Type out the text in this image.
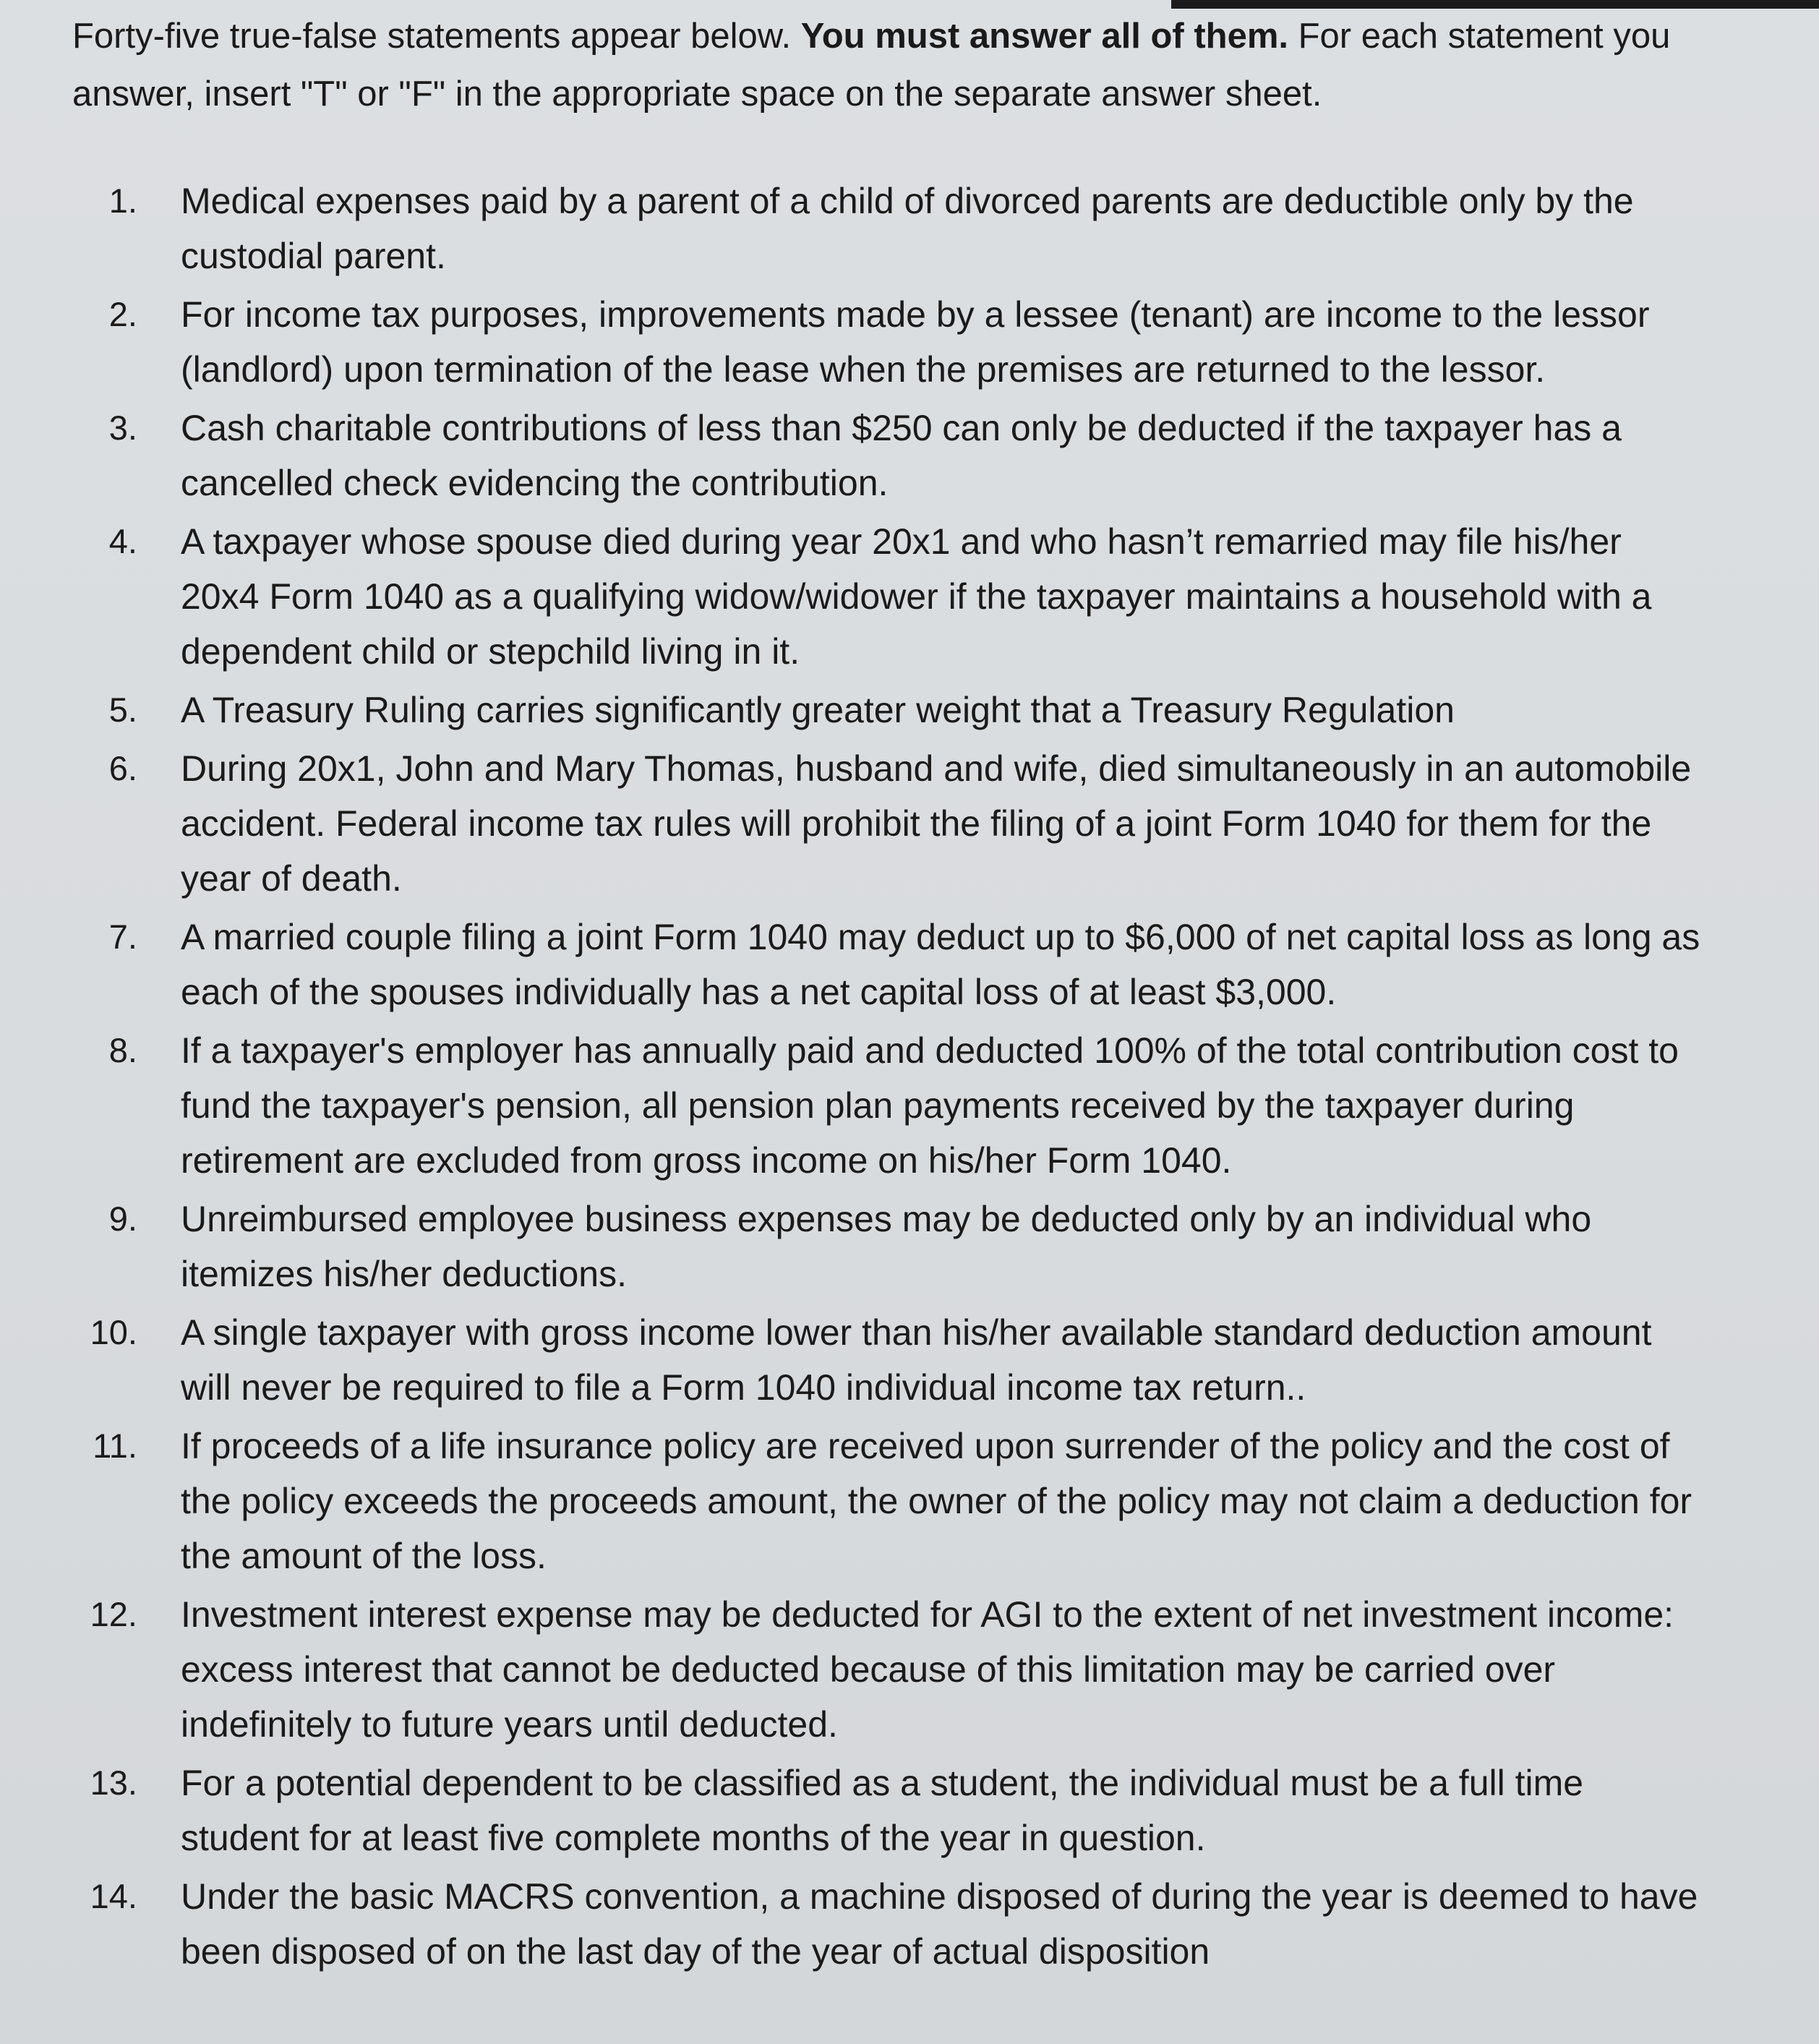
Forty-five true-false statements appear below. You must answer all of them. For each statement you answer, insert "T" or "F" in the appropriate space on the separate answer sheet.

1.	Medical expenses paid by a parent of a child of divorced parents are deductible only by the custodial parent.
2.	For income tax purposes, improvements made by a lessee (tenant) are income to the lessor (landlord) upon termination of the lease when the premises are returned to the lessor.
3.	Cash charitable contributions of less than $250 can only be deducted if the taxpayer has a cancelled check evidencing the contribution.
4.	A taxpayer whose spouse died during year 20x1 and who hasn’t remarried may file his/her 20x4 Form 1040 as a qualifying widow/widower if the taxpayer maintains a household with a dependent child or stepchild living in it.
5.	A Treasury Ruling carries significantly greater weight that a Treasury Regulation
6.	During 20x1, John and Mary Thomas, husband and wife, died simultaneously in an automobile accident. Federal income tax rules will prohibit the filing of a joint Form 1040 for them for the year of death.
7.	A married couple filing a joint Form 1040 may deduct up to $6,000 of net capital loss as long as each of the spouses individually has a net capital loss of at least $3,000.
8.	If a taxpayer's employer has annually paid and deducted 100% of the total contribution cost to fund the taxpayer's pension, all pension plan payments received by the taxpayer during retirement are excluded from gross income on his/her Form 1040.
9.	Unreimbursed employee business expenses may be deducted only by an individual who itemizes his/her deductions.
10.	A single taxpayer with gross income lower than his/her available standard deduction amount will never be required to file a Form 1040 individual income tax return..
11.	If proceeds of a life insurance policy are received upon surrender of the policy and the cost of the policy exceeds the proceeds amount, the owner of the policy may not claim a deduction for the amount of the loss.
12.	Investment interest expense may be deducted for AGI to the extent of net investment income: excess interest that cannot be deducted because of this limitation may be carried over indefinitely to future years until deducted.
13.	For a potential dependent to be classified as a student, the individual must be a full time student for at least five complete months of the year in question.
14.	Under the basic MACRS convention, a machine disposed of during the year is deemed to have been disposed of on the last day of the year of actual disposition
